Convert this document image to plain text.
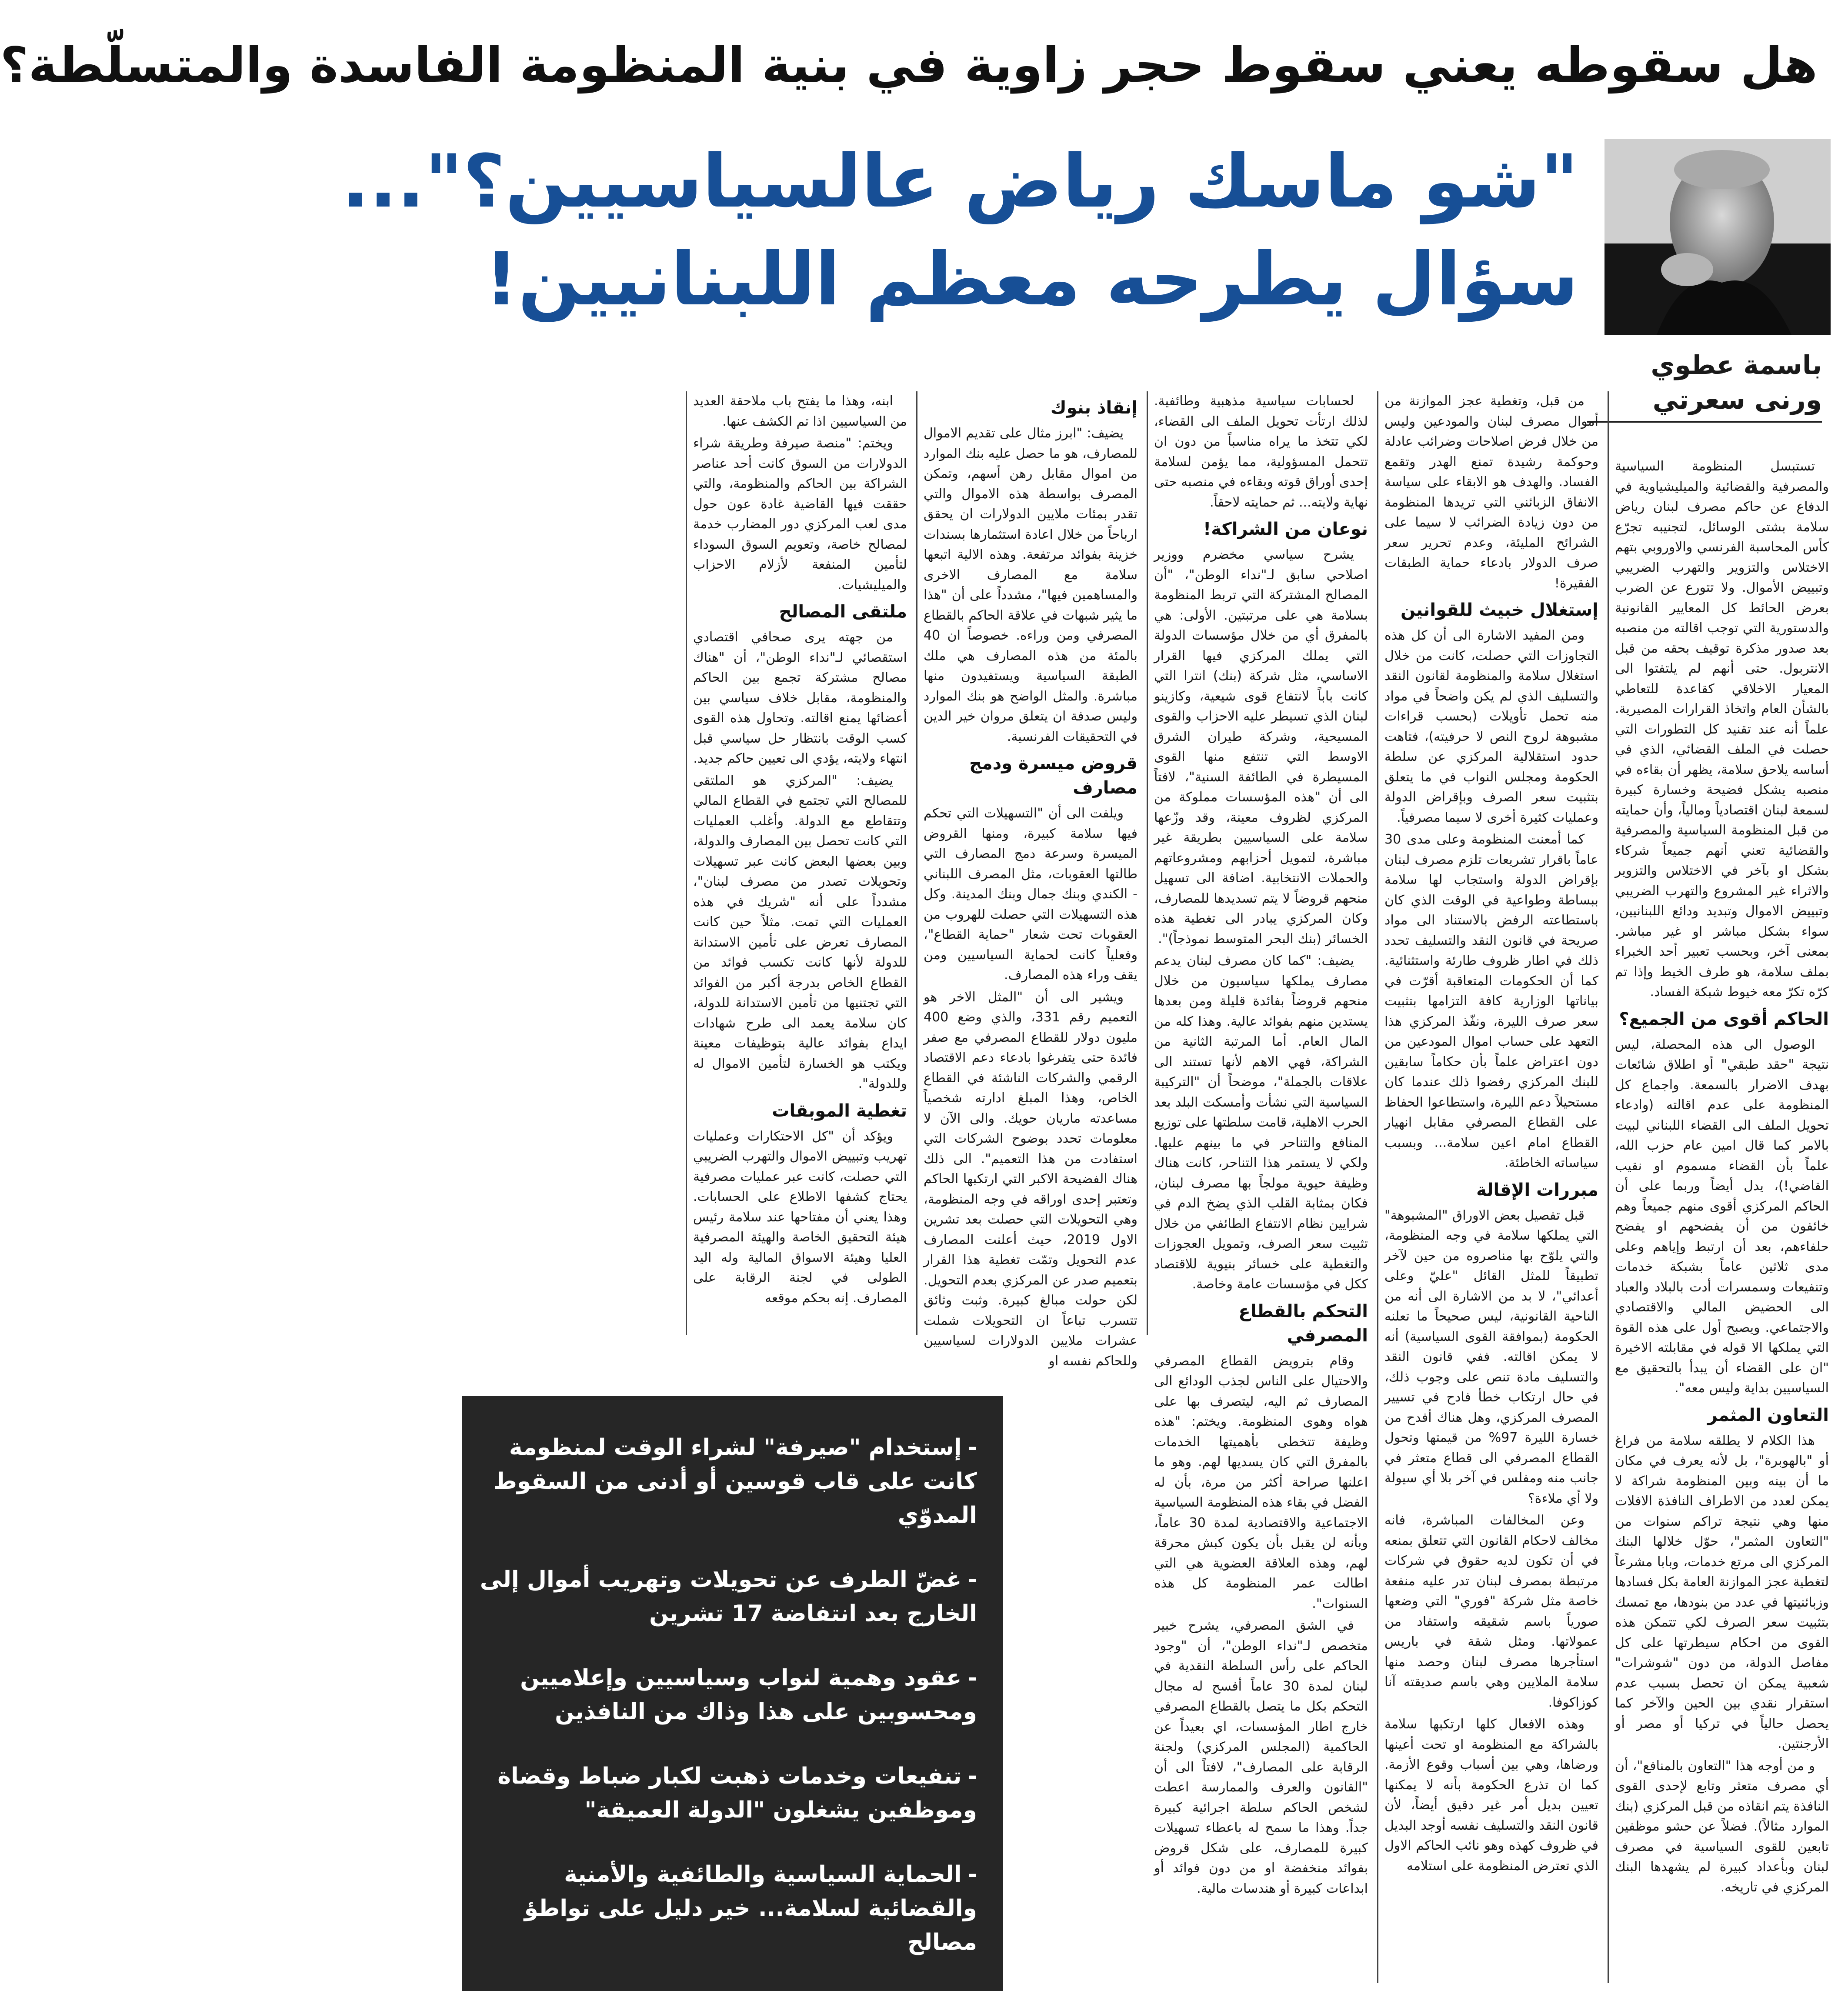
هل سقوطه يعني سقوط حجر زاوية في بنية المنظومة الفاسدة والمتسلّطة؟
"شو ماسك رياض عالسياسيين؟"...
سؤال يطرحه معظم اللبنانيين!
باسمة عطوي ورنى سعرتي

تستبسل المنظومة السياسية والمصرفية والقضائية والميليشياوية في الدفاع عن حاكم مصرف لبنان رياض سلامة بشتى الوسائل، لتجنيبه تجرّع كأس المحاسبة الفرنسي والاوروبي بتهم الاختلاس والتزوير والتهرب الضريبي وتبييض الأموال. ولا تتورع عن الضرب بعرض الحائط كل المعايير القانونية والدستورية التي توجب اقالته من منصبه بعد صدور مذكرة توقيف بحقه من قبل الانتربول. حتى أنهم لم يلتفتوا الى المعيار الاخلاقي كقاعدة للتعاطي بالشأن العام واتخاذ القرارات المصيرية. علماً أنه عند تقنيد كل التطورات التي حصلت في الملف القضائي، الذي في أساسه يلاحق سلامة، يظهر أن بقاءه في منصبه يشكل فضيحة وخسارة كبيرة لسمعة لبنان اقتصادياً ومالياً، وأن حمايته من قبل المنظومة السياسية والمصرفية والقضائية تعني أنهم جميعاً شركاء بشكل او بآخر في الاختلاس والتزوير والاثراء غير المشروع والتهرب الضريبي وتبييض الاموال وتبديد ودائع اللبنانيين، سواء بشكل مباشر او غير مباشر. بمعنى آخر، وبحسب تعبير أحد الخبراء بملف سلامة، هو طرف الخيط وإذا تم كرّه تكرّ معه خيوط شبكة الفساد.

الحاكم أقوى من الجميع؟

الوصول الى هذه المحصلة، ليس نتيجة "حقد طبقي" أو اطلاق شائعات بهدف الاضرار بالسمعة. واجماع كل المنظومة على عدم اقالته (وادعاء تحويل الملف الى القضاء اللبناني لبيت بالامر كما قال امين عام حزب الله، علماً بأن القضاء مسموم او نقيب القاضي!)، يدل أيضاً وربما على أن الحاكم المركزي أقوى منهم جميعاً وهم خائفون من أن يفضحهم او يفضح حلفاءهم، بعد أن ارتبط وإياهم وعلى مدى ثلاثين عاماً بشبكة خدمات وتنفيعات وسمسرات أدت بالبلاد والعباد الى الحضيض المالي والاقتصادي والاجتماعي. ويصبح أول على هذه القوة التي يملكها الا قوله في مقابلته الاخيرة "ان على القضاء أن يبدأ بالتحقيق مع السياسيين بداية وليس معه".

التعاون المثمر

هذا الكلام لا يطلقه سلامة من فراغ أو "بالهوبرة"، بل لأنه يعرف في مكان ما أن بينه وبين المنظومة شراكة لا يمكن لعدد من الاطراف النافذة الافلات منها وهي نتيجة تراكم سنوات من "التعاون المثمر"، حوّل خلالها البنك المركزي الى مرتع خدمات، وبابا مشرعاً لتغطية عجز الموازنة العامة بكل فسادها وزبائنيتها في عدد من بنودها، مع تمسك بتثبيت سعر الصرف لكي تتمكن هذه القوى من احكام سيطرتها على كل مفاصل الدولة، من دون "شوشرات" شعبية يمكن ان تحصل بسبب عدم استقرار نقدي بين الحين والآخر كما يحصل حالياً في تركيا أو مصر أو الأرجنتين.

و من أوجه هذا "التعاون بالمنافع"، أن أي مصرف متعثر وتابع لإحدى القوى النافذة يتم انقاذه من قبل المركزي (بنك الموارد مثالاً). فضلاً عن حشو موظفين تابعين للقوى السياسية في مصرف لبنان وبأعداد كبيرة لم يشهدها البنك المركزي في تاريخه.

من قبل، وتغطية عجز الموازنة من أموال مصرف لبنان والمودعين وليس من خلال فرض اصلاحات وضرائب عادلة وحوكمة رشيدة تمنع الهدر وتقمع الفساد. والهدف هو الابقاء على سياسة الانفاق الزبائني التي تريدها المنظومة من دون زيادة الضرائب لا سيما على الشرائح المليئة، وعدم تحرير سعر صرف الدولار بادعاء حماية الطبقات الفقيرة!

إستغلال خبيث للقوانين

ومن المفيد الاشارة الى أن كل هذه التجاوزات التي حصلت، كانت من خلال استغلال سلامة والمنظومة لقانون النقد والتسليف الذي لم يكن واضحاً في مواد منه تحمل تأويلات (بحسب قراءات مشبوهة لروح النص لا حرفيته)، فتاهت حدود استقلالية المركزي عن سلطة الحكومة ومجلس النواب في ما يتعلق بتثبيت سعر الصرف وبإقراض الدولة وعمليات كثيرة أخرى لا سيما مصرفياً.

كما أمعنت المنظومة وعلى مدى 30 عاماً باقرار تشريعات تلزم مصرف لبنان بإقراض الدولة واستجاب لها سلامة ببساطة وطواعية في الوقت الذي كان باستطاعته الرفض بالاستناد الى مواد صريحة في قانون النقد والتسليف تحدد ذلك في اطار ظروف طارئة واستثنائية. كما أن الحكومات المتعاقبة أقرّت في بياناتها الوزارية كافة التزامها بتثبيت سعر صرف الليرة، ونفّذ المركزي هذا التعهد على حساب اموال المودعين من دون اعتراض علماً بأن حكاماً سابقين للبنك المركزي رفضوا ذلك عندما كان مستحيلاً دعم الليرة، واستطاعوا الحفاظ على القطاع المصرفي مقابل انهيار القطاع امام اعين سلامة... وبسبب سياساته الخاطئة.

مبررات الإقالة

قبل تفصيل بعض الاوراق "المشبوهة" التي يملكها سلامة في وجه المنظومة، والتي يلوّح بها مناصروه من حين لآخر تطبيقاً للمثل القائل "عليّ وعلى أعدائي"، لا بد من الاشارة الى أنه من الناحية القانونية، ليس صحيحاً ما تعلنه الحكومة (بموافقة القوى السياسية) أنه لا يمكن اقالته. ففي قانون النقد والتسليف مادة تنص على وجوب ذلك، في حال ارتكاب خطأ فادح في تسيير المصرف المركزي، وهل هناك أفدح من خسارة الليرة 97% من قيمتها وتحول القطاع المصرفي الى قطاع متعثر في جانب منه ومفلس في آخر بلا أي سيولة ولا أي ملاءة؟

وعن المخالفات المباشرة، فانه مخالف لاحكام القانون التي تتعلق بمنعه في أن تكون لديه حقوق في شركات مرتبطة بمصرف لبنان تدر عليه منفعة خاصة مثل شركة "فوري" التي وضعها صورياً باسم شقيقه واستفاد من عمولاتها. ومثل شقة في باريس استأجرها مصرف لبنان وحصد منها سلامة الملايين وهي باسم صديقته آنا كوزاكوفا.

وهذه الافعال كلها ارتكبها سلامة بالشراكة مع المنظومة او تحت أعينها ورضاها، وهي بين أسباب وقوع الأزمة. كما ان تذرع الحكومة بأنه لا يمكنها تعيين بديل أمر غير دقيق أيضاً، لأن قانون النقد والتسليف نفسه أوجد البديل في ظروف كهذه وهو نائب الحاكم الاول الذي تعترض المنظومة على استلامه

لحسابات سياسية مذهبية وطائفية. لذلك ارتأت تحويل الملف الى القضاء، لكي تتخذ ما يراه مناسباً من دون ان تتحمل المسؤولية، مما يؤمن لسلامة إحدى أوراق قوته وبقاءه في منصبه حتى نهاية ولايته... ثم حمايته لاحقاً.

نوعان من الشراكة!

يشرح سياسي مخضرم ووزير اصلاحي سابق لـ"نداء الوطن"، "أن المصالح المشتركة التي تربط المنظومة بسلامة هي على مرتبتين. الأولى: هي بالمفرق أي من خلال مؤسسات الدولة التي يملك المركزي فيها القرار الاساسي، مثل شركة (بنك) انترا التي كانت باباً لانتفاع قوى شيعية، وكازينو لبنان الذي تسيطر عليه الاحزاب والقوى المسيحية، وشركة طيران الشرق الاوسط التي تنتفع منها القوى المسيطرة في الطائفة السنية"، لافتاً الى أن "هذه المؤسسات مملوكة من المركزي لظروف معينة، وقد وزّعها سلامة على السياسيين بطريقة غير مباشرة، لتمويل أحزابهم ومشروعاتهم والحملات الانتخابية. اضافة الى تسهيل منحهم قروضاً لا يتم تسديدها للمصارف، وكان المركزي يبادر الى تغطية هذه الخسائر (بنك البحر المتوسط نموذجاً)".

يضيف: "كما كان مصرف لبنان يدعم مصارف يملكها سياسيون من خلال منحهم قروضاً بفائدة قليلة ومن بعدها يستدين منهم بفوائد عالية. وهذا كله من المال العام. أما المرتبة الثانية من الشراكة، فهي الاهم لأنها تستند الى علاقات بالجملة"، موضحاً أن "التركيبة السياسية التي نشأت وأمسكت البلد بعد الحرب الاهلية، قامت سلطتها على توزيع المنافع والتناحر في ما بينهم عليها. ولكي لا يستمر هذا التناحر، كانت هناك وظيفة حيوية مولجاً بها مصرف لبنان، فكان بمثابة القلب الذي يضخ الدم في شرايين نظام الانتفاع الطائفي من خلال تثبيت سعر الصرف، وتمويل العجوزات والتغطية على خسائر بنيوية للاقتصاد ككل في مؤسسات عامة وخاصة.

التحكم بالقطاع المصرفي

وقام بترويض القطاع المصرفي والاحتيال على الناس لجذب الودائع الى المصارف ثم اليه، ليتصرف بها على هواه وهوى المنظومة. ويختم: "هذه وظيفة تتخطى بأهميتها الخدمات بالمفرق التي كان يسديها لهم. وهو ما اعلنها صراحة أكثر من مرة، بأن له الفضل في بقاء هذه المنظومة السياسية الاجتماعية والاقتصادية لمدة 30 عاماً، وبأنه لن يقبل بأن يكون كبش محرقة لهم، وهذه العلاقة العضوية هي التي اطالت عمر المنظومة كل هذه السنوات".

في الشق المصرفي، يشرح خبير متخصص لـ"نداء الوطن"، أن "وجود الحاكم على رأس السلطة النقدية في لبنان لمدة 30 عاماً أفسح له مجال التحكم بكل ما يتصل بالقطاع المصرفي خارج اطار المؤسسات، اي بعيداً عن الحاكمية (المجلس المركزي) ولجنة الرقابة على المصارف"، لافتاً الى أن "القانون والعرف والممارسة اعطت لشخص الحاكم سلطة اجرائية كبيرة جداً. وهذا ما سمح له باعطاء تسهيلات كبيرة للمصارف، على شكل قروض بفوائد منخفضة او من دون فوائد أو ابداعات كبيرة أو هندسات مالية.

إنقاذ بنوك

يضيف: "ابرز مثال على تقديم الاموال للمصارف، هو ما حصل عليه بنك الموارد من اموال مقابل رهن أسهم، وتمكن المصرف بواسطة هذه الاموال والتي تقدر بمئات ملايين الدولارات ان يحقق ارباحاً من خلال اعادة استثمارها بسندات خزينة بفوائد مرتفعة. وهذه الالية اتبعها سلامة مع المصارف الاخرى والمساهمين فيها"، مشدداً على أن "هذا ما يثير شبهات في علاقة الحاكم بالقطاع المصرفي ومن وراءه. خصوصاً ان 40 بالمئة من هذه المصارف هي ملك الطبقة السياسية ويستفيدون منها مباشرة. والمثل الواضح هو بنك الموارد وليس صدفة ان يتعلق مروان خير الدين في التحقيقات الفرنسية.

قروض ميسرة ودمج مصارف

ويلفت الى أن "التسهيلات التي تحكم فيها سلامة كبيرة، ومنها القروض الميسرة وسرعة دمج المصارف التي طالتها العقوبات، مثل المصرف اللبناني - الكندي وبنك جمال وبنك المدينة. وكل هذه التسهيلات التي حصلت للهروب من العقوبات تحت شعار "حماية القطاع"، وفعلياً كانت لحماية السياسيين ومن يقف وراء هذه المصارف.

ويشير الى أن "المثل الاخر هو التعميم رقم 331، والذي وضع 400 مليون دولار للقطاع المصرفي مع صفر فائدة حتى يتفرغوا بادعاء دعم الاقتصاد الرقمي والشركات الناشئة في القطاع الخاص، وهذا المبلغ ادارته شخصياً مساعدته ماريان حويك. والى الآن لا معلومات تحدد بوضوح الشركات التي استفادت من هذا التعميم". الى ذلك هناك الفضيحة الاكبر التي ارتكبها الحاكم وتعتبر إحدى اوراقه في وجه المنظومة، وهي التحويلات التي حصلت بعد تشرين الاول 2019، حيث أعلنت المصارف عدم التحويل وتمّت تغطية هذا القرار بتعميم صدر عن المركزي بعدم التحويل. لكن حولت مبالغ كبيرة. وثبت وثائق تتسرب تباعاً ان التحويلات شملت عشرات ملايين الدولارات لسياسيين وللحاكم نفسه او

ابنه، وهذا ما يفتح باب ملاحقة العديد من السياسيين اذا تم الكشف عنها.

ويختم: "منصة صيرفة وطريقة شراء الدولارات من السوق كانت أحد عناصر الشراكة بين الحاكم والمنظومة، والتي حققت فيها القاضية غادة عون حول مدى لعب المركزي دور المضارب خدمة لمصالح خاصة، وتعويم السوق السوداء لتأمين المنفعة لأزلام الاحزاب والميليشيات.

ملتقى المصالح

من جهته يرى صحافي اقتصادي استقصائي لـ"نداء الوطن"، أن "هناك مصالح مشتركة تجمع بين الحاكم والمنظومة، مقابل خلاف سياسي بين أعضائها يمنع اقالته. وتحاول هذه القوى كسب الوقت بانتظار حل سياسي قبل انتهاء ولايته، يؤدي الى تعيين حاكم جديد.

يضيف: "المركزي هو الملتقى للمصالح التي تجتمع في القطاع المالي وتتقاطع مع الدولة. وأغلب العمليات التي كانت تحصل بين المصارف والدولة، وبين بعضها البعض كانت عبر تسهيلات وتحويلات تصدر من مصرف لبنان"، مشدداً على أنه "شريك في هذه العمليات التي تمت. مثلاً حين كانت المصارف تعرض على تأمين الاستدانة للدولة لأنها كانت تكسب فوائد من القطاع الخاص بدرجة أكبر من الفوائد التي تجتنيها من تأمين الاستدانة للدولة، كان سلامة يعمد الى طرح شهادات ايداع بفوائد عالية بتوظيفات معينة ويكتب هو الخسارة لتأمين الاموال له وللدولة".

تغطية الموبقات

ويؤكد أن "كل الاحتكارات وعمليات تهريب وتبييض الاموال والتهرب الضريبي التي حصلت، كانت عبر عمليات مصرفية يحتاج كشفها الاطلاع على الحسابات. وهذا يعني أن مفتاحها عند سلامة رئيس هيئة التحقيق الخاصة والهيئة المصرفية العليا وهيئة الاسواق المالية وله اليد الطولى في لجنة الرقابة على المصارف. إنه بحكم موقعه

-إستخدام "صيرفة" لشراء الوقت لمنظومة كانت على قاب قوسين أو أدنى من السقوط المدوّي
-غضّ الطرف عن تحويلات وتهريب أموال إلى الخارج بعد انتفاضة 17 تشرين
-عقود وهمية لنواب وسياسيين وإعلاميين ومحسوبين على هذا وذاك من النافذين
-تنفيعات وخدمات ذهبت لكبار ضباط وقضاة وموظفين يشغلون "الدولة العميقة"
-الحماية السياسية والطائفية والأمنية والقضائية لسلامة... خير دليل على تواطؤ مصالح
